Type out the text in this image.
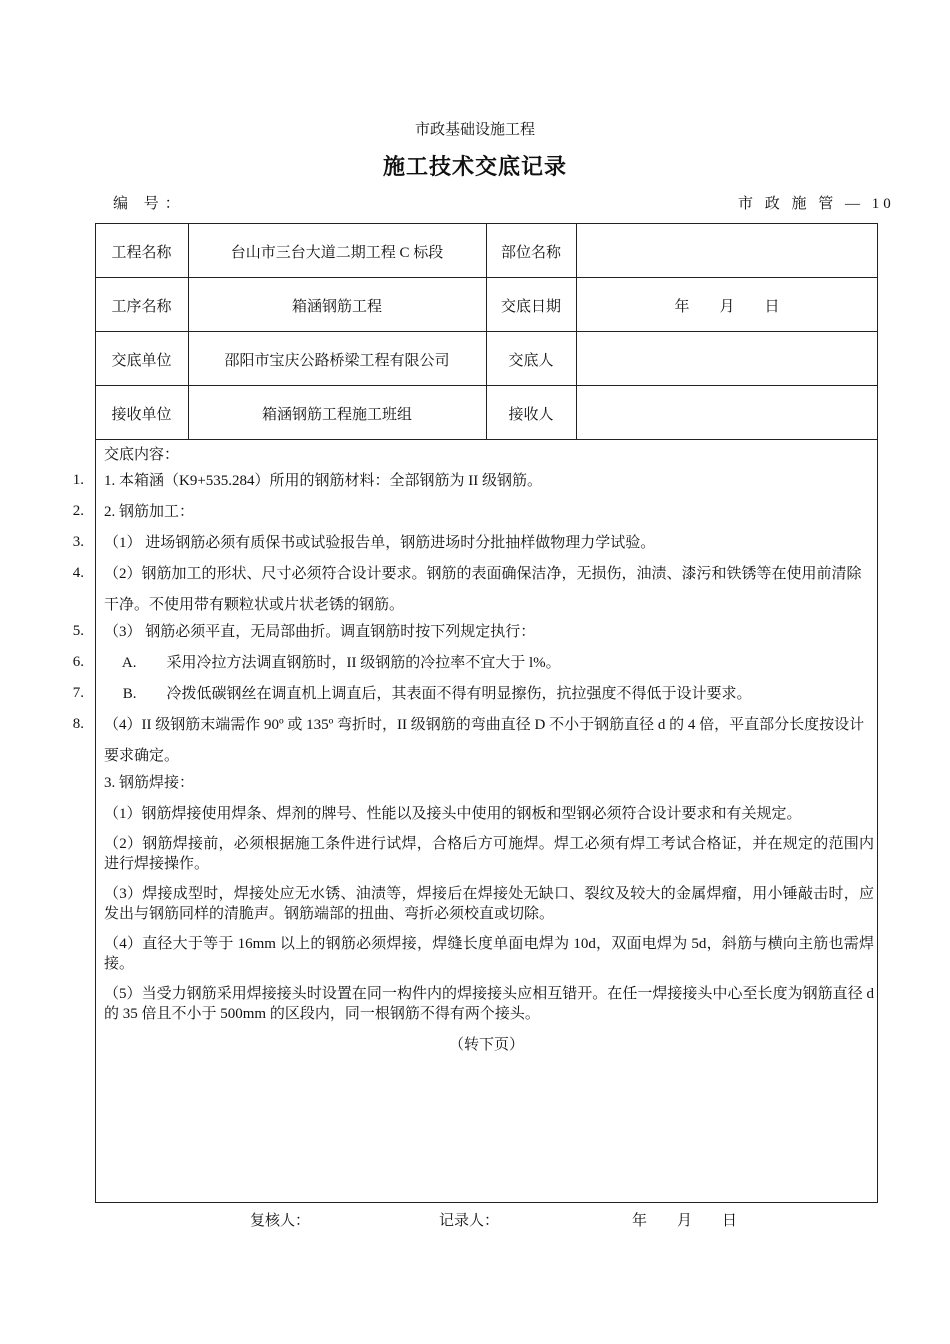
市政基础设施工程
施工技术交底记录
编 号：	市 政 施 管 — 10
工程名称	台山市三台大道二期工程 C 标段	部位名称
工序名称	箱涵钢筋工程	交底日期	年　　月　　日
交底单位	邵阳市宝庆公路桥梁工程有限公司	交底人
接收单位	箱涵钢筋工程施工班组	接收人
交底内容：
1.
2.
3.
4.
5.
6.
7.
8.
1. 本箱涵（K9+535.284）所用的钢筋材料：全部钢筋为 II 级钢筋。
2. 钢筋加工：
（1） 进场钢筋必须有质保书或试验报告单，钢筋进场时分批抽样做物理力学试验。
（2）钢筋加工的形状、尺寸必须符合设计要求。钢筋的表面确保洁净，无损伤，油渍、漆污和铁锈等在使用前清除干净。不使用带有颗粒状或片状老锈的钢筋。
（3） 钢筋必须平直，无局部曲折。调直钢筋时按下列规定执行：
　 A.　　采用冷拉方法调直钢筋时，II 级钢筋的冷拉率不宜大于 l%。
　 B.　　冷拨低碳钢丝在调直机上调直后，其表面不得有明显擦伤，抗拉强度不得低于设计要求。
（4）II 级钢筋末端需作 90º 或 135º 弯折时，II 级钢筋的弯曲直径 D 不小于钢筋直径 d 的 4 倍，平直部分长度按设计要求确定。
3. 钢筋焊接：
（1）钢筋焊接使用焊条、焊剂的牌号、性能以及接头中使用的钢板和型钢必须符合设计要求和有关规定。
（2）钢筋焊接前，必须根据施工条件进行试焊，合格后方可施焊。焊工必须有焊工考试合格证，并在规定的范围内进行焊接操作。
（3）焊接成型时，焊接处应无水锈、油渍等，焊接后在焊接处无缺口、裂纹及较大的金属焊瘤，用小锤敲击时，应发出与钢筋同样的清脆声。钢筋端部的扭曲、弯折必须校直或切除。
（4）直径大于等于 16mm 以上的钢筋必须焊接，焊缝长度单面电焊为 10d，双面电焊为 5d，斜筋与横向主筋也需焊接。
（5）当受力钢筋采用焊接接头时设置在同一构件内的焊接接头应相互错开。在任一焊接接头中心至长度为钢筋直径 d 的 35 倍且不小于 500mm 的区段内，同一根钢筋不得有两个接头。
（转下页）
复核人：	记录人：	年　　月　　日
